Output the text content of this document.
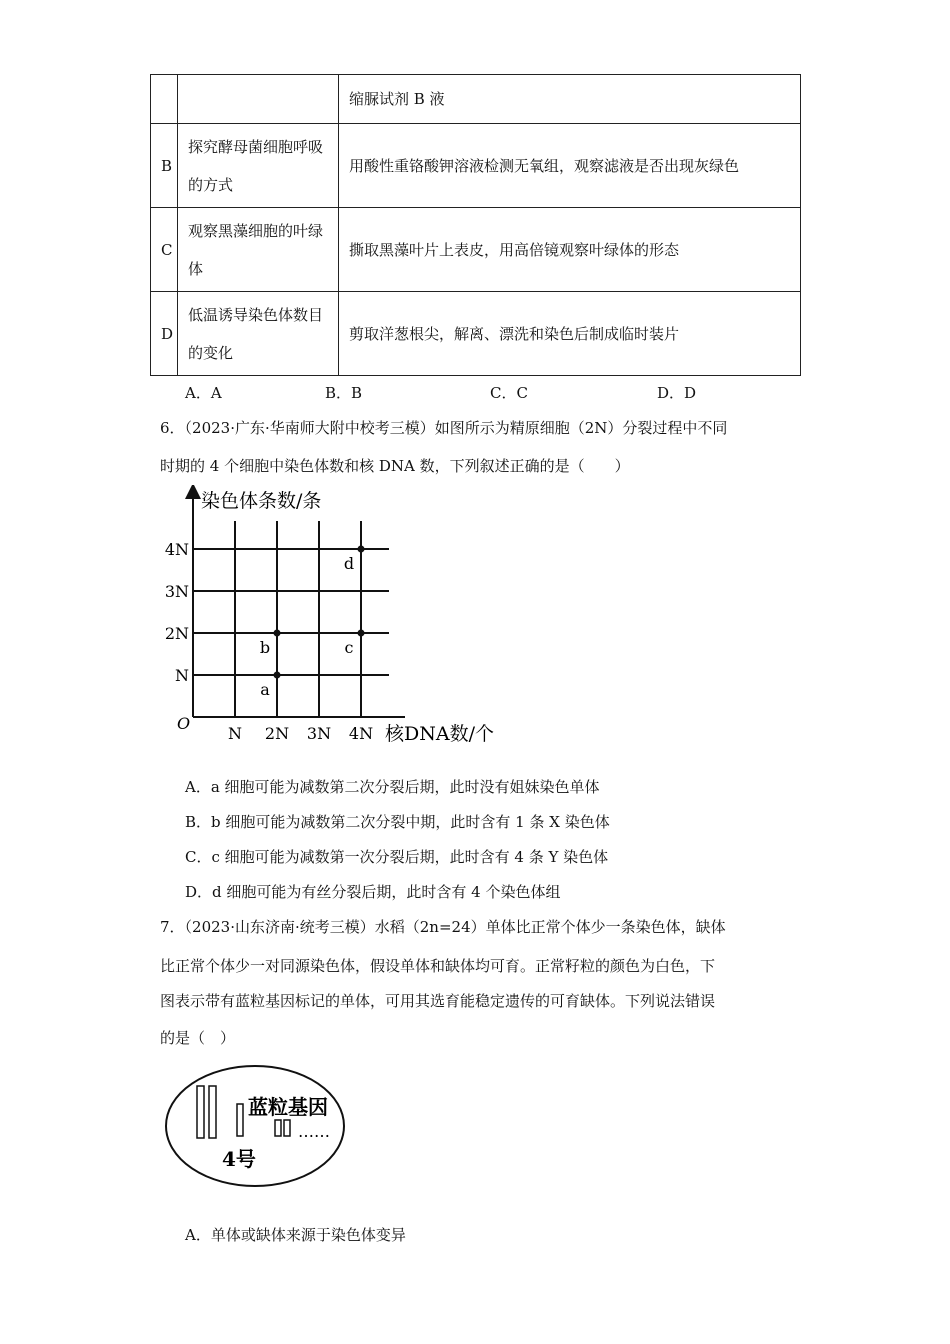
		缩脲试剂 B 液
B	探究酵母菌细胞呼吸的方式	用酸性重铬酸钾溶液检测无氧组，观察滤液是否出现灰绿色
C	观察黑藻细胞的叶绿体	撕取黑藻叶片上表皮，用高倍镜观察叶绿体的形态
D	低温诱导染色体数目的变化	剪取洋葱根尖，解离、漂洗和染色后制成临时装片
A．A	B．B	C．C	D．D
6．（2023·广东·华南师大附中校考三模）如图所示为精原细胞（2N）分裂过程中不同
时期的 4 个细胞中染色体数和核 DNA 数，下列叙述正确的是（　　）
染色体条数/条
核DNA数/个
O
N 2N 3N 4N
N
2N
3N
4N
a
b	c
d
A．a 细胞可能为减数第二次分裂后期，此时没有姐妹染色单体
B．b 细胞可能为减数第二次分裂中期，此时含有 1 条 X 染色体
C．c 细胞可能为减数第一次分裂后期，此时含有 4 条 Y 染色体
D．d 细胞可能为有丝分裂后期，此时含有 4 个染色体组
7．（2023·山东济南·统考三模）水稻（2n=24）单体比正常个体少一条染色体，缺体
比正常个体少一对同源染色体，假设单体和缺体均可育。正常籽粒的颜色为白色，下
图表示带有蓝粒基因标记的单体，可用其选育能稳定遗传的可育缺体。下列说法错误
的是（　）
蓝粒基因
……
4号
A．单体或缺体来源于染色体变异
